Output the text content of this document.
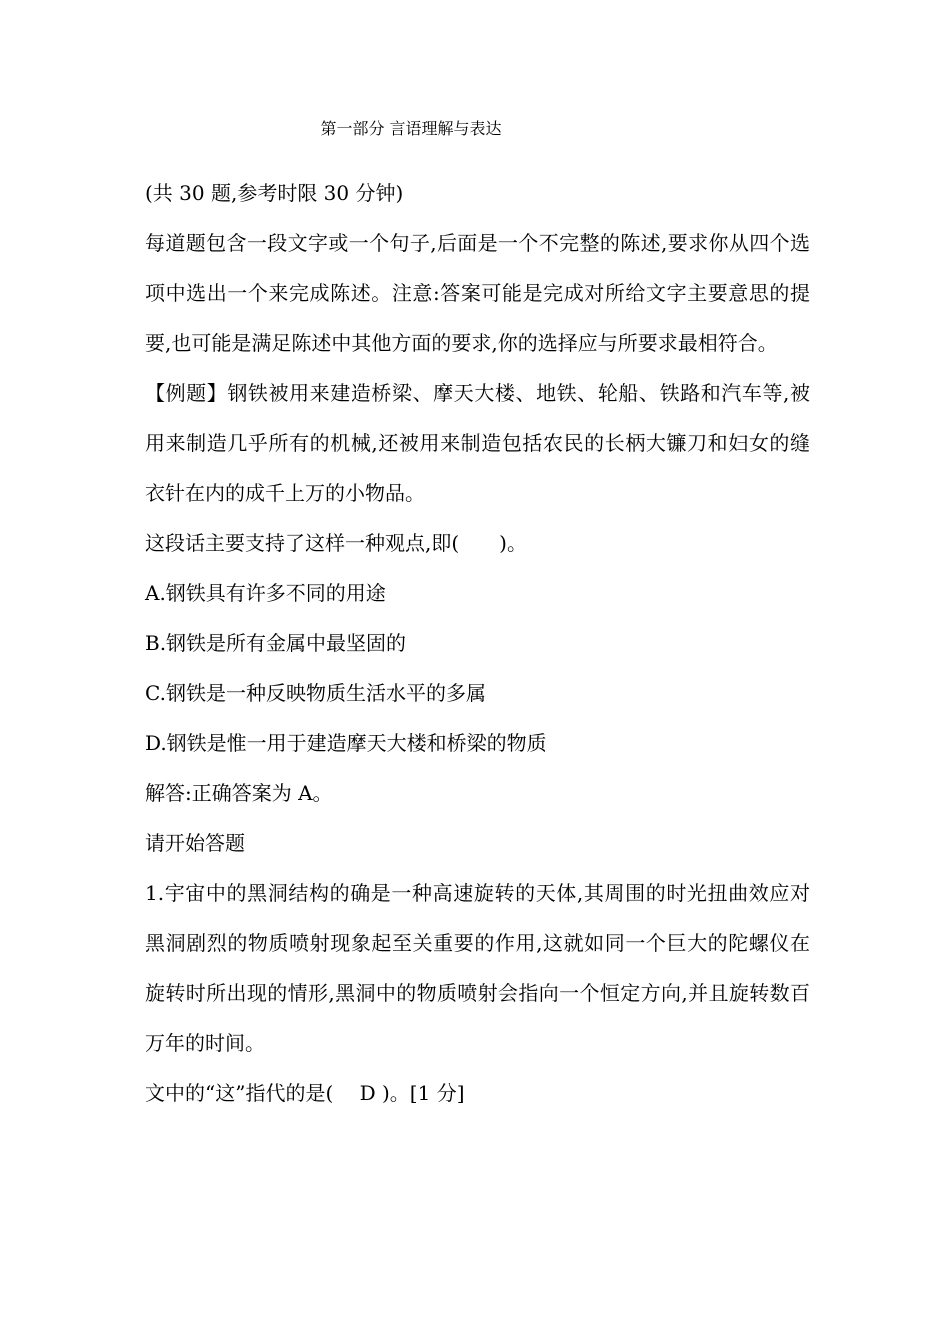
第一部分 言语理解与表达

(共 30 题,参考时限 30 分钟)

每道题包含一段文字或一个句子,后面是一个不完整的陈述,要求你从四个选项中选出一个来完成陈述。注意:答案可能是完成对所给文字主要意思的提要,也可能是满足陈述中其他方面的要求,你的选择应与所要求最相符合。

【例题】钢铁被用来建造桥梁、摩天大楼、地铁、轮船、铁路和汽车等,被用来制造几乎所有的机械,还被用来制造包括农民的长柄大镰刀和妇女的缝衣针在内的成千上万的小物品。

这段话主要支持了这样一种观点,即(　　)。

A.钢铁具有许多不同的用途

B.钢铁是所有金属中最坚固的

C.钢铁是一种反映物质生活水平的多属

D.钢铁是惟一用于建造摩天大楼和桥梁的物质

解答:正确答案为 A。

请开始答题

1.宇宙中的黑洞结构的确是一种高速旋转的天体,其周围的时光扭曲效应对黑洞剧烈的物质喷射现象起至关重要的作用,这就如同一个巨大的陀螺仪在旋转时所出现的情形,黑洞中的物质喷射会指向一个恒定方向,并且旋转数百万年的时间。

文中的“这”指代的是(　 D )。[1 分]
